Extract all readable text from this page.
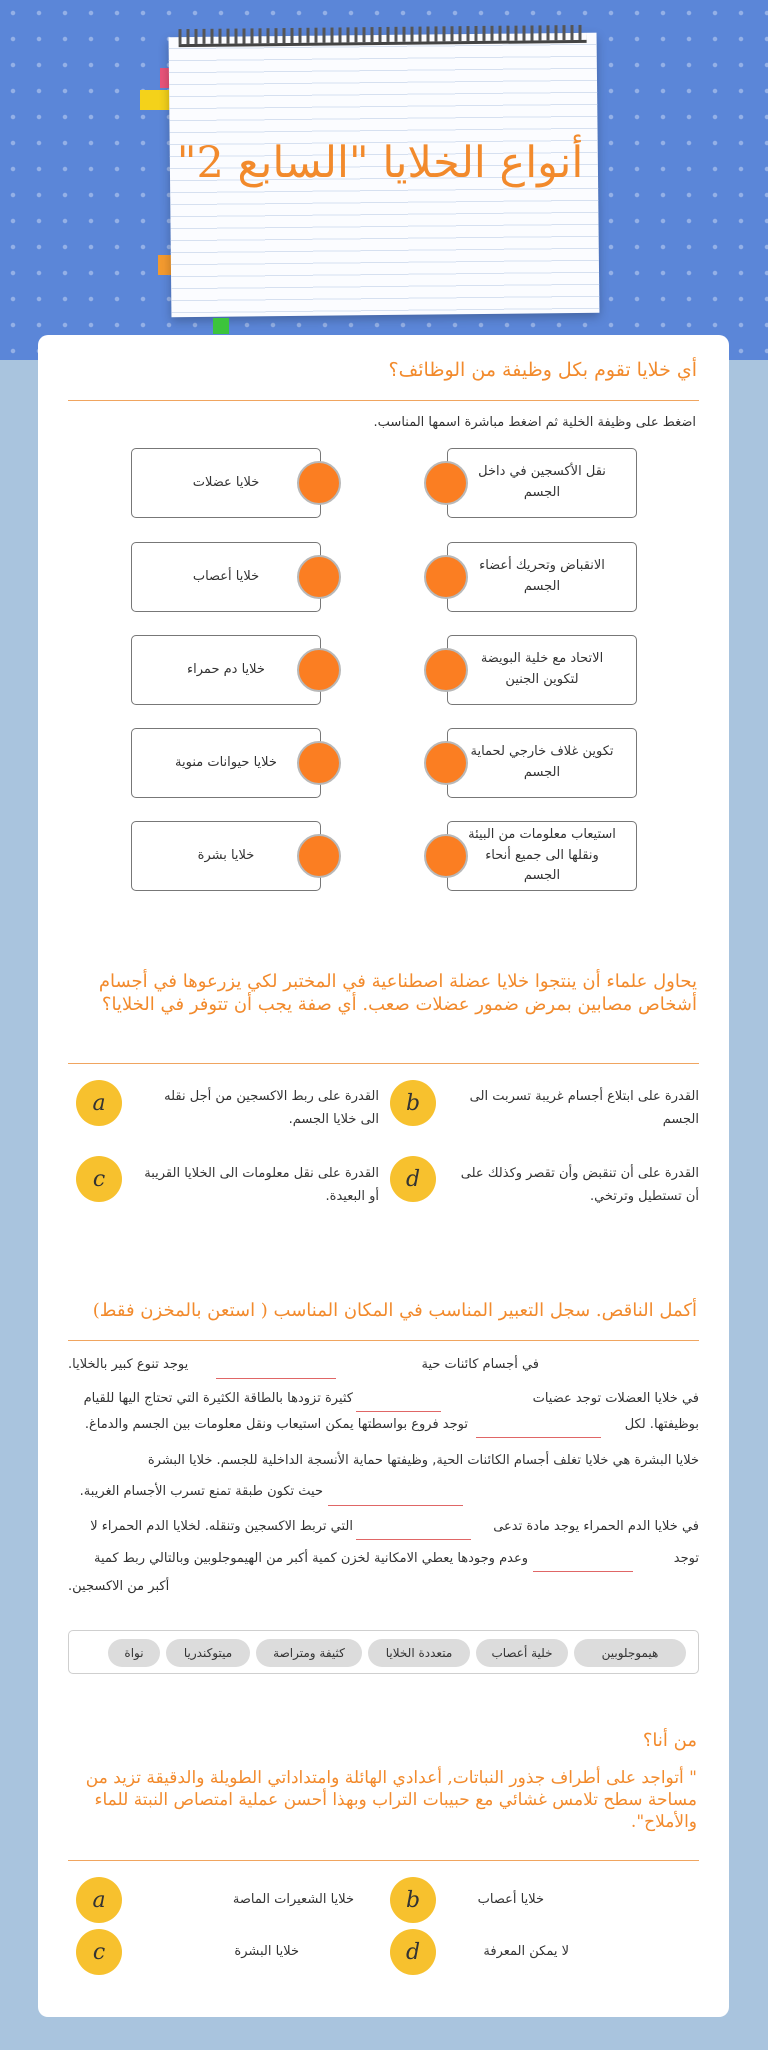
أنواع الخلايا "السابع 2"
أي خلايا تقوم بكل وظيفة من الوظائف؟
اضغط على وظيفة الخلية ثم اضغط مباشرة اسمها المناسب.
نقل الأكسجين في داخل الجسم
الانقباض وتحريك أعضاء الجسم
الاتحاد مع خلية البويضة لتكوين الجنين
تكوين غلاف خارجي لحماية الجسم
استيعاب معلومات من البيئة ونقلها الى جميع أنحاء الجسم
خلايا عضلات
خلايا أعصاب
خلايا دم حمراء
خلايا حيوانات منوية
خلايا بشرة
يحاول علماء أن ينتجوا خلايا عضلة اصطناعية في المختبر لكي يزرعوها في أجسام أشخاص مصابين بمرض ضمور عضلات صعب. أي صفة يجب أن تتوفر في الخلايا؟
a	القدرة على ربط الاكسجين من أجل نقله الى خلايا الجسم.
b	القدرة على ابتلاع أجسام غريبة تسربت الى الجسم
c	القدرة على نقل معلومات الى الخلايا القريبة أو البعيدة.
d	القدرة على أن تنقبض وأن تقصر وكذلك على أن تستطيل وترتخي.
أكمل الناقص. سجل التعبير المناسب في المكان المناسب ( استعن بالمخزن فقط)
في أجسام كائنات حية
يوجد تنوع كبير بالخلايا.
في خلايا العضلات توجد عضيات
كثيرة تزودها بالطاقة الكثيرة التي تحتاج اليها للقيام
بوظيفتها. لكل
توجد فروع بواسطتها يمكن استيعاب ونقل معلومات بين الجسم والدماغ.
خلايا البشرة هي خلايا تغلف أجسام الكائنات الحية, وظيفتها حماية الأنسجة الداخلية للجسم. خلايا البشرة
حيث تكون طبقة تمنع تسرب الأجسام الغريبة.
في خلايا الدم الحمراء يوجد مادة تدعى
التي تربط الاكسجين وتنقله. لخلايا الدم الحمراء لا
توجد
وعدم وجودها يعطي الامكانية لخزن كمية أكبر من الهيموجلوبين وبالتالي ربط كمية
أكبر من الاكسجين.
هيموجلوبين
خلية أعصاب
متعددة الخلايا
كثيفة ومتراصة
ميتوكندريا
نواة
من أنا؟
" أتواجد على أطراف جذور النباتات, أعدادي الهائلة وامتداداتي الطويلة والدقيقة تزيد من مساحة سطح تلامس غشائي مع حبيبات التراب وبهذا أحسن عملية امتصاص النبتة للماء والأملاح".
a	خلايا الشعيرات الماصة	b	خلايا أعصاب
c	خلايا البشرة	d	لا يمكن المعرفة
